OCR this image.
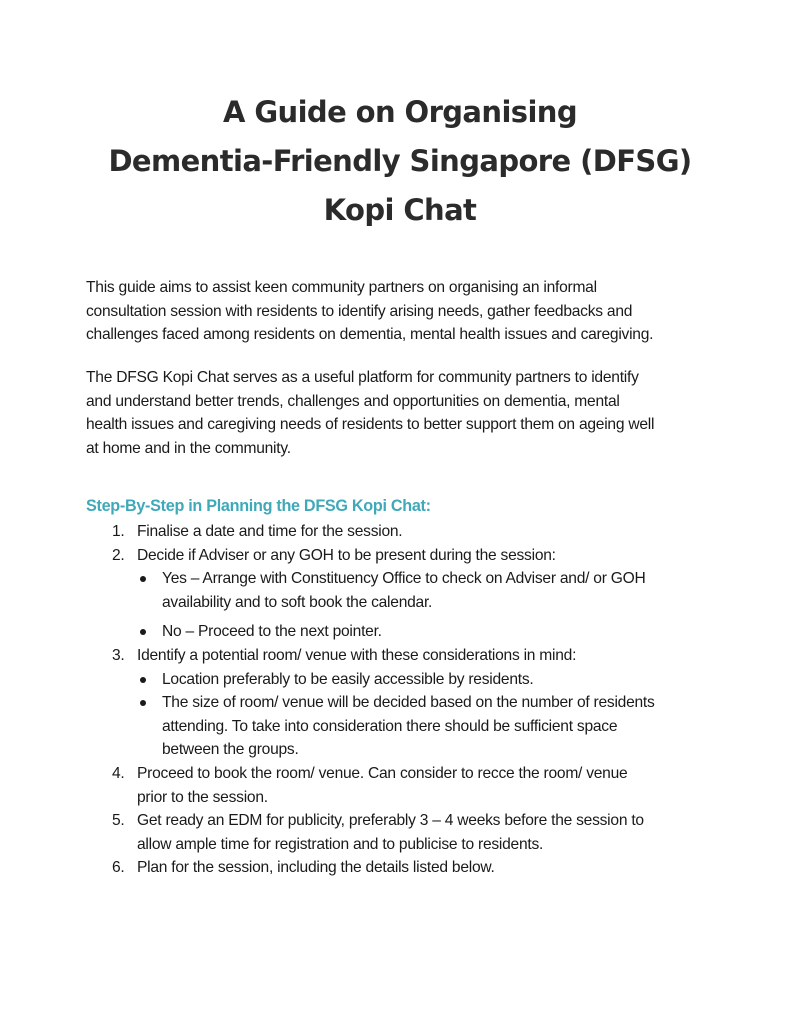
A Guide on Organising
Dementia-Friendly Singapore (DFSG)
Kopi Chat
This guide aims to assist keen community partners on organising an informal
consultation session with residents to identify arising needs, gather feedbacks and
challenges faced among residents on dementia, mental health issues and caregiving.
The DFSG Kopi Chat serves as a useful platform for community partners to identify
and understand better trends, challenges and opportunities on dementia, mental
health issues and caregiving needs of residents to better support them on ageing well
at home and in the community.
Step-By-Step in Planning the DFSG Kopi Chat:
1. Finalise a date and time for the session.
2. Decide if Adviser or any GOH to be present during the session:
Yes – Arrange with Constituency Office to check on Adviser and/ or GOH
availability and to soft book the calendar.
No – Proceed to the next pointer.
3. Identify a potential room/ venue with these considerations in mind:
Location preferably to be easily accessible by residents.
The size of room/ venue will be decided based on the number of residents
attending. To take into consideration there should be sufficient space
between the groups.
4. Proceed to book the room/ venue. Can consider to recce the room/ venue
prior to the session.
5. Get ready an EDM for publicity, preferably 3 – 4 weeks before the session to
allow ample time for registration and to publicise to residents.
6. Plan for the session, including the details listed below.
